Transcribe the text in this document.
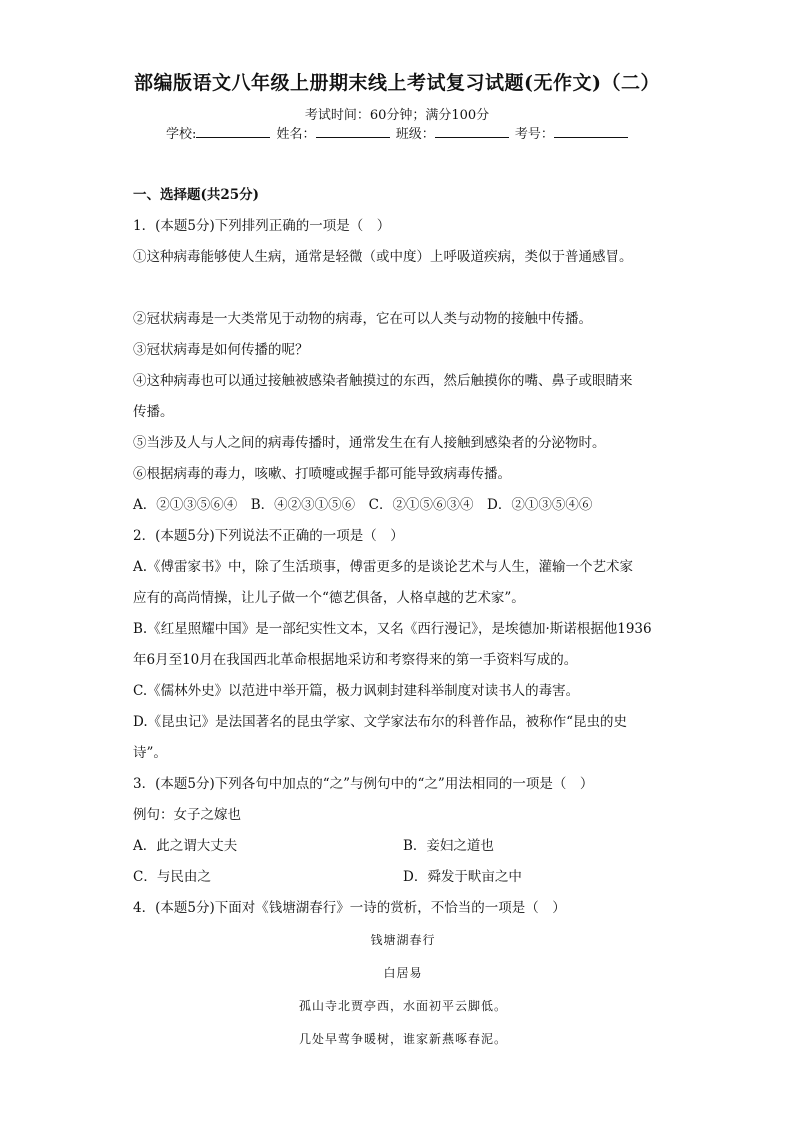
部编版语文八年级上册期末线上考试复习试题(无作文)（二）
考试时间：60分钟；满分100分
学校:	姓名：	班级：	考号：
一、选择题(共25分)
1．(本题5分)下列排列正确的一项是（　）
①这种病毒能够使人生病，通常是轻微（或中度）上呼吸道疾病，类似于普通感冒。
②冠状病毒是一大类常见于动物的病毒，它在可以人类与动物的接触中传播。
③冠状病毒是如何传播的呢？
④这种病毒也可以通过接触被感染者触摸过的东西，然后触摸你的嘴、鼻子或眼睛来
传播。
⑤当涉及人与人之间的病毒传播时，通常发生在有人接触到感染者的分泌物时。
⑥根据病毒的毒力，咳嗽、打喷嚏或握手都可能导致病毒传播。
A．②①③⑤⑥④　B．④②③①⑤⑥　C．②①⑤⑥③④　D．②①③⑤④⑥
2．(本题5分)下列说法不正确的一项是（　）
A.《傅雷家书》中，除了生活琐事，傅雷更多的是谈论艺术与人生，灌输一个艺术家
应有的高尚情操，让儿子做一个“德艺俱备，人格卓越的艺术家”。
B.《红星照耀中国》是一部纪实性文本，又名《西行漫记》，是埃德加·斯诺根据他1936
年6月至10月在我国西北革命根据地采访和考察得来的第一手资料写成的。
C.《儒林外史》以范进中举开篇，极力讽刺封建科举制度对读书人的毒害。
D.《昆虫记》是法国著名的昆虫学家、文学家法布尔的科普作品，被称作“昆虫的史
诗”。
3．(本题5分)下列各句中加点的“之”与例句中的“之”用法相同的一项是（　）
例句：女子之嫁也
A．此之谓大丈夫	B．妾妇之道也
C．与民由之	D．舜发于畎亩之中
4．(本题5分)下面对《钱塘湖春行》一诗的赏析，不恰当的一项是（　）
钱塘湖春行
白居易
孤山寺北贾亭西，水面初平云脚低。
几处早莺争暖树，谁家新燕啄春泥。
